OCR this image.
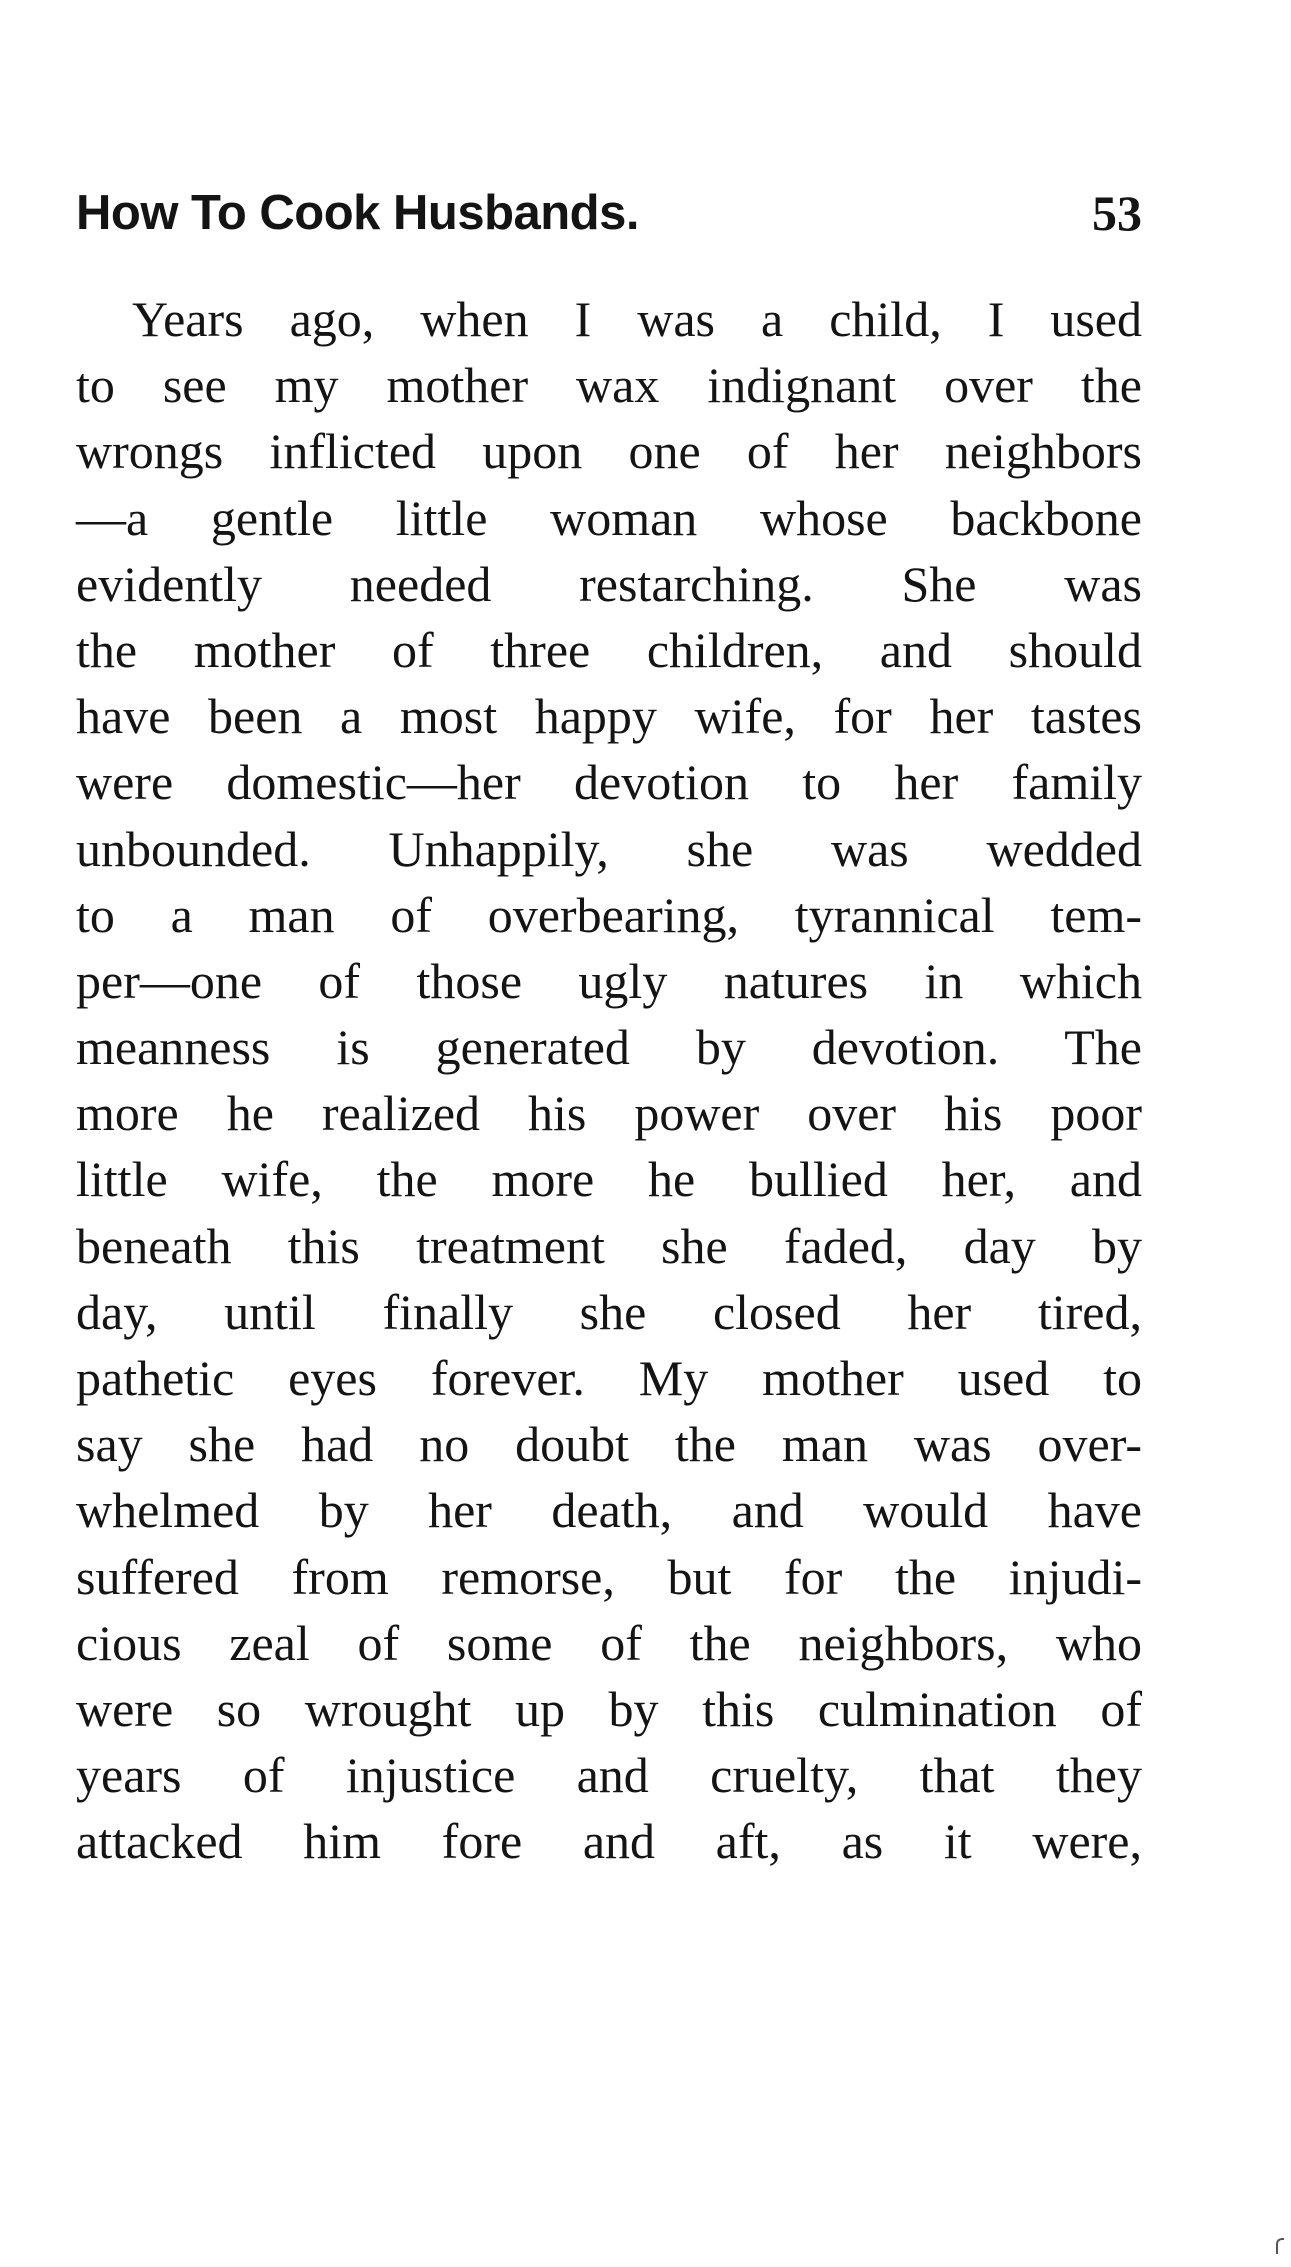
How To Cook Husbands.	53
Years ago, when I was a child, I used
to see my mother wax indignant over the
wrongs inflicted upon one of her neighbors
—a gentle little woman whose backbone
evidently needed restarching. She was
the mother of three children, and should
have been a most happy wife, for her tastes
were domestic—her devotion to her family
unbounded. Unhappily, she was wedded
to a man of overbearing, tyrannical tem-
per—one of those ugly natures in which
meanness is generated by devotion. The
more he realized his power over his poor
little wife, the more he bullied her, and
beneath this treatment she faded, day by
day, until finally she closed her tired,
pathetic eyes forever. My mother used to
say she had no doubt the man was over-
whelmed by her death, and would have
suffered from remorse, but for the injudi-
cious zeal of some of the neighbors, who
were so wrought up by this culmination of
years of injustice and cruelty, that they
attacked him fore and aft, as it were,
